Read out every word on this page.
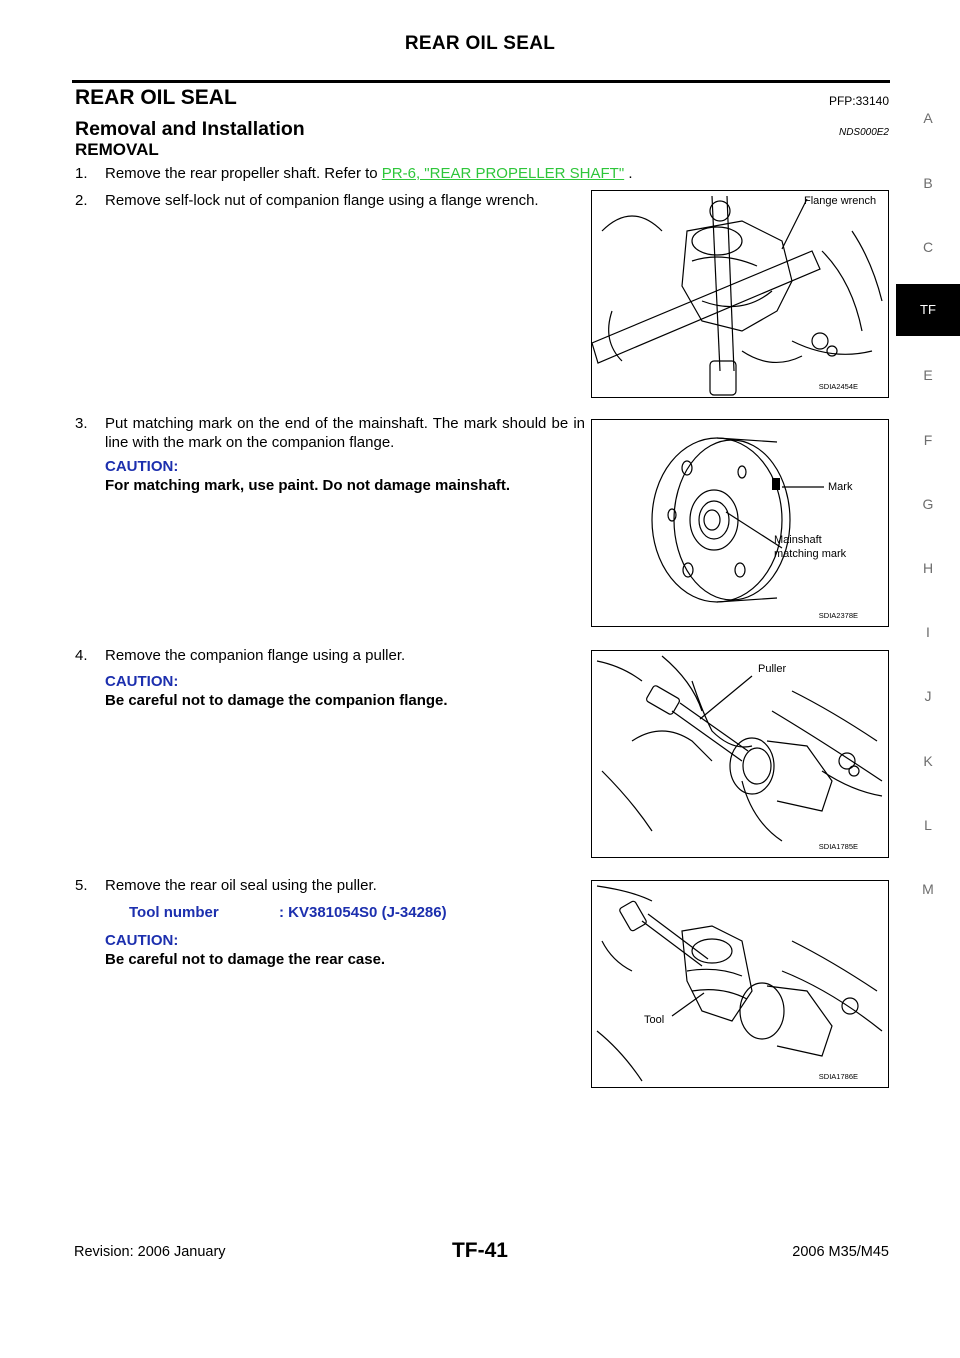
REAR OIL SEAL
REAR OIL SEAL	PFP:33140
Removal and Installation	NDS000E2
REMOVAL
1. Remove the rear propeller shaft. Refer to PR-6, "REAR PROPELLER SHAFT" .
2. Remove self-lock nut of companion flange using a flange wrench.	Flange wrench
SDIA2454E
3. Put matching mark on the end of the mainshaft. The mark should be in line with the mark on the companion flange.
CAUTION:
For matching mark, use paint. Do not damage mainshaft.	Mark
Mainshaft
matching mark
SDIA2378E
4. Remove the companion flange using a puller.
CAUTION:
Be careful not to damage the companion flange.
Puller
SDIA1785E
5. Remove the rear oil seal using the puller.
Tool number	: KV381054S0 (J-34286)
CAUTION:
Be careful not to damage the rear case.
Tool
SDIA1786E
A
B
C
TF
E
F
G
H
I
J
K
L
M
Revision: 2006 January	TF-41	2006 M35/M45
